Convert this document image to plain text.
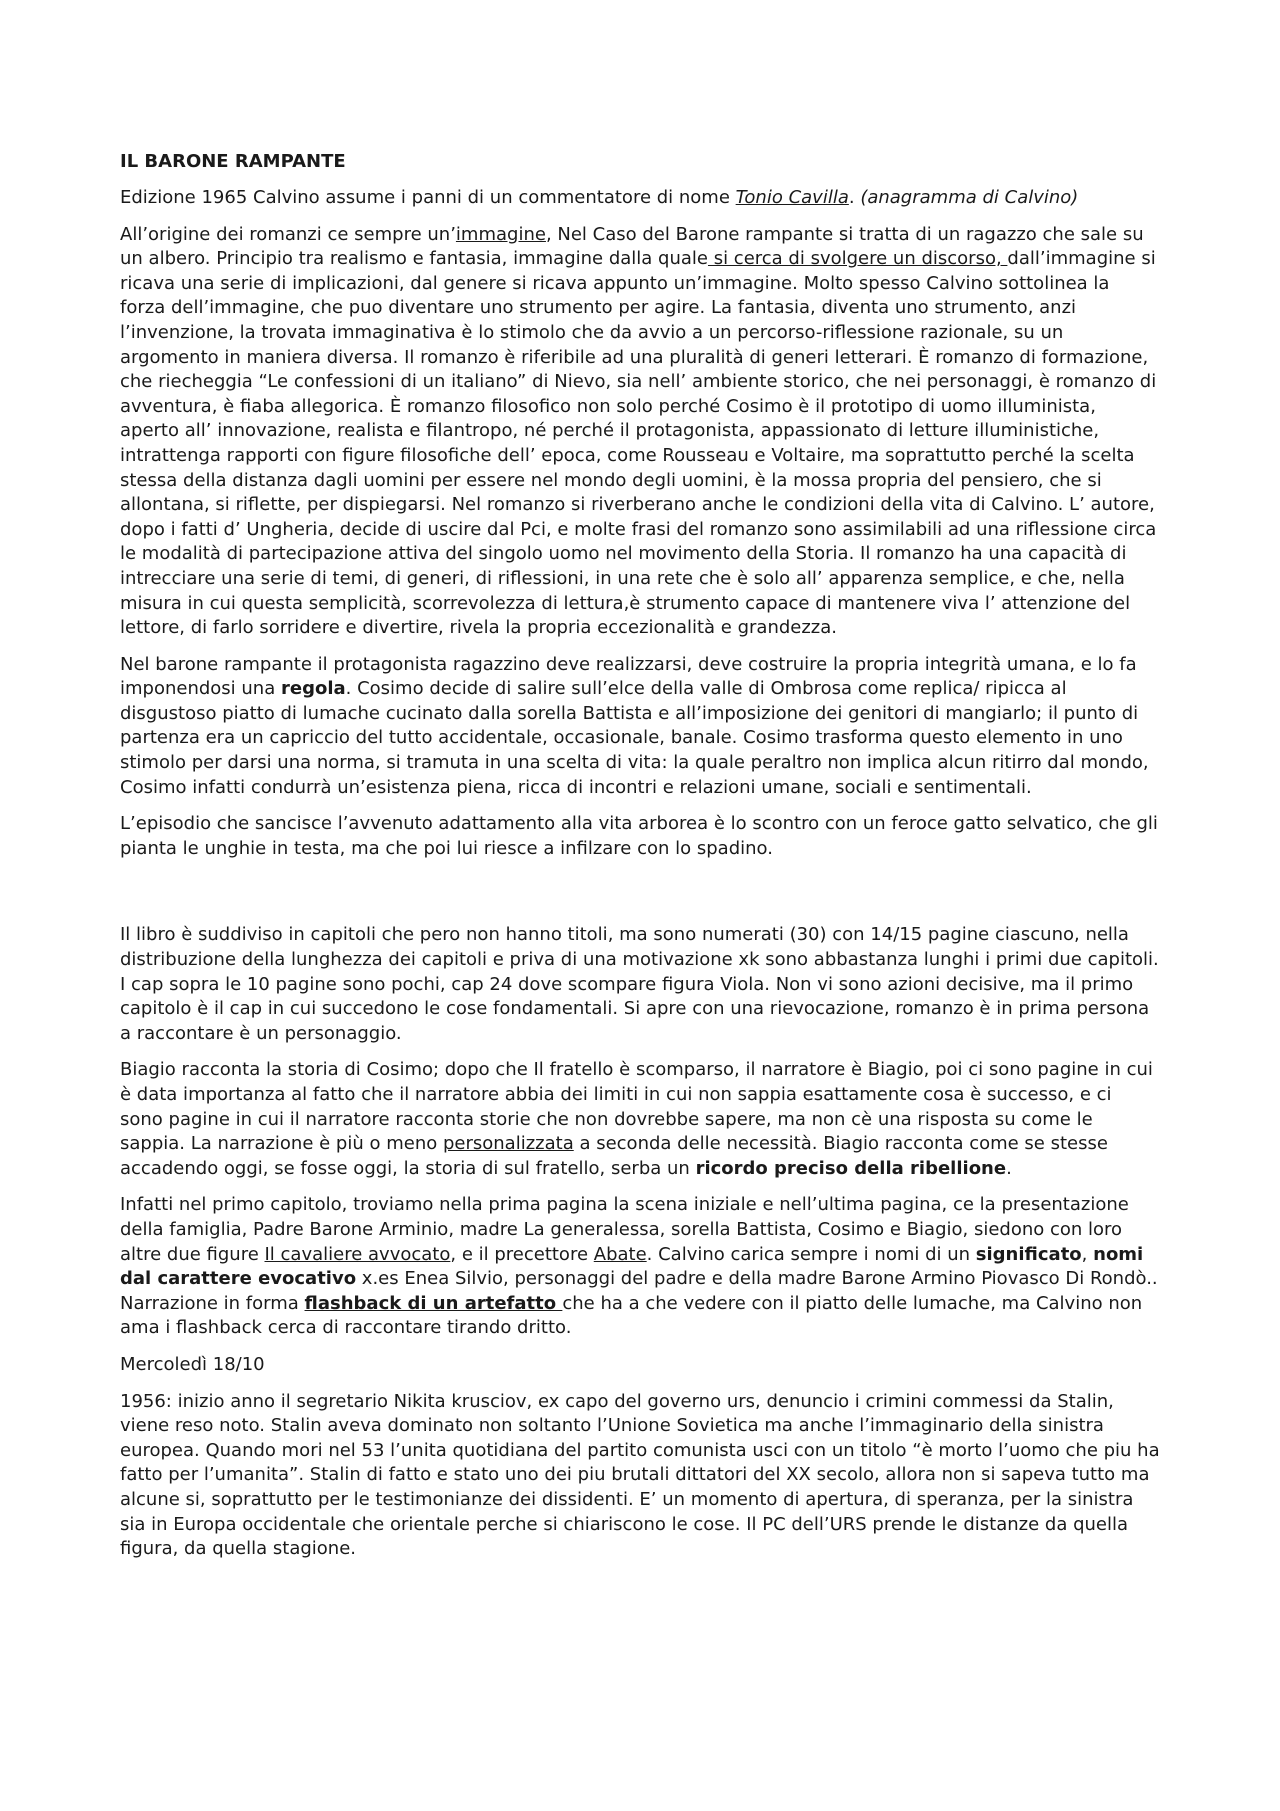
IL BARONE RAMPANTE

Edizione 1965 Calvino assume i panni di un commentatore di nome Tonio Cavilla. (anagramma di Calvino)

All’origine dei romanzi ce sempre un’immagine, Nel Caso del Barone rampante si tratta di un ragazzo che sale su un albero. Principio tra realismo e fantasia, immagine dalla quale si cerca di svolgere un discorso, dall’immagine si ricava una serie di implicazioni, dal genere si ricava appunto un’immagine. Molto spesso Calvino sottolinea la forza dell’immagine, che puo diventare uno strumento per agire. La fantasia, diventa uno strumento, anzi l’invenzione, la trovata immaginativa è lo stimolo che da avvio a un percorso-riflessione razionale, su un argomento in maniera diversa. Il romanzo è riferibile ad una pluralità di generi letterari. È romanzo di formazione, che riecheggia “Le confessioni di un italiano” di Nievo, sia nell’ ambiente storico, che nei personaggi, è romanzo di avventura, è fiaba allegorica. È romanzo filosofico non solo perché Cosimo è il prototipo di uomo illuminista, aperto all’ innovazione, realista e filantropo, né perché il protagonista, appassionato di letture illuministiche, intrattenga rapporti con figure filosofiche dell’ epoca, come Rousseau e Voltaire, ma soprattutto perché la scelta stessa della distanza dagli uomini per essere nel mondo degli uomini, è la mossa propria del pensiero, che si allontana, si riflette, per dispiegarsi. Nel romanzo si riverberano anche le condizioni della vita di Calvino. L’ autore, dopo i fatti d’ Ungheria, decide di uscire dal Pci, e molte frasi del romanzo sono assimilabili ad una riflessione circa le modalità di partecipazione attiva del singolo uomo nel movimento della Storia. Il romanzo ha una capacità di intrecciare una serie di temi, di generi, di riflessioni, in una rete che è solo all’ apparenza semplice, e che, nella misura in cui questa semplicità, scorrevolezza di lettura,è strumento capace di mantenere viva l’ attenzione del lettore, di farlo sorridere e divertire, rivela la propria eccezionalità e grandezza.

Nel barone rampante il protagonista ragazzino deve realizzarsi, deve costruire la propria integrità umana, e lo fa imponendosi una regola. Cosimo decide di salire sull’elce della valle di Ombrosa come replica/ ripicca al disgustoso piatto di lumache cucinato dalla sorella Battista e all’imposizione dei genitori di mangiarlo; il punto di partenza era un capriccio del tutto accidentale, occasionale, banale. Cosimo trasforma questo elemento in uno stimolo per darsi una norma, si tramuta in una scelta di vita: la quale peraltro non implica alcun ritirro dal mondo, Cosimo infatti condurrà un’esistenza piena, ricca di incontri e relazioni umane, sociali e sentimentali.

L’episodio che sancisce l’avvenuto adattamento alla vita arborea è lo scontro con un feroce gatto selvatico, che gli pianta le unghie in testa, ma che poi lui riesce a infilzare con lo spadino.

Il libro è suddiviso in capitoli che pero non hanno titoli, ma sono numerati (30) con 14/15 pagine ciascuno, nella distribuzione della lunghezza dei capitoli e priva di una motivazione xk sono abbastanza lunghi i primi due capitoli. I cap sopra le 10 pagine sono pochi, cap 24 dove scompare figura Viola. Non vi sono azioni decisive, ma il primo capitolo è il cap in cui succedono le cose fondamentali. Si apre con una rievocazione, romanzo è in prima persona a raccontare è un personaggio.

Biagio racconta la storia di Cosimo; dopo che Il fratello è scomparso, il narratore è Biagio, poi ci sono pagine in cui è data importanza al fatto che il narratore abbia dei limiti in cui non sappia esattamente cosa è successo, e ci sono pagine in cui il narratore racconta storie che non dovrebbe sapere, ma non cè una risposta su come le sappia. La narrazione è più o meno personalizzata a seconda delle necessità. Biagio racconta come se stesse accadendo oggi, se fosse oggi, la storia di sul fratello, serba un ricordo preciso della ribellione.

Infatti nel primo capitolo, troviamo nella prima pagina la scena iniziale e nell’ultima pagina, ce la presentazione della famiglia, Padre Barone Arminio, madre La generalessa, sorella Battista, Cosimo e Biagio, siedono con loro altre due figure Il cavaliere avvocato, e il precettore Abate. Calvino carica sempre i nomi di un significato, nomi dal carattere evocativo x.es Enea Silvio, personaggi del padre e della madre Barone Armino Piovasco Di Rondò.. Narrazione in forma flashback di un artefatto che ha a che vedere con il piatto delle lumache, ma Calvino non ama i flashback cerca di raccontare tirando dritto.

Mercoledì 18/10

1956: inizio anno il segretario Nikita krusciov, ex capo del governo urs, denuncio i crimini commessi da Stalin, viene reso noto. Stalin aveva dominato non soltanto l’Unione Sovietica ma anche l’immaginario della sinistra europea. Quando mori nel 53 l’unita quotidiana del partito comunista usci con un titolo “è morto l’uomo che piu ha fatto per l’umanita”. Stalin di fatto e stato uno dei piu brutali dittatori del XX secolo, allora non si sapeva tutto ma alcune si, soprattutto per le testimonianze dei dissidenti. E’ un momento di apertura, di speranza, per la sinistra sia in Europa occidentale che orientale perche si chiariscono le cose. Il PC dell’URS prende le distanze da quella figura, da quella stagione.
